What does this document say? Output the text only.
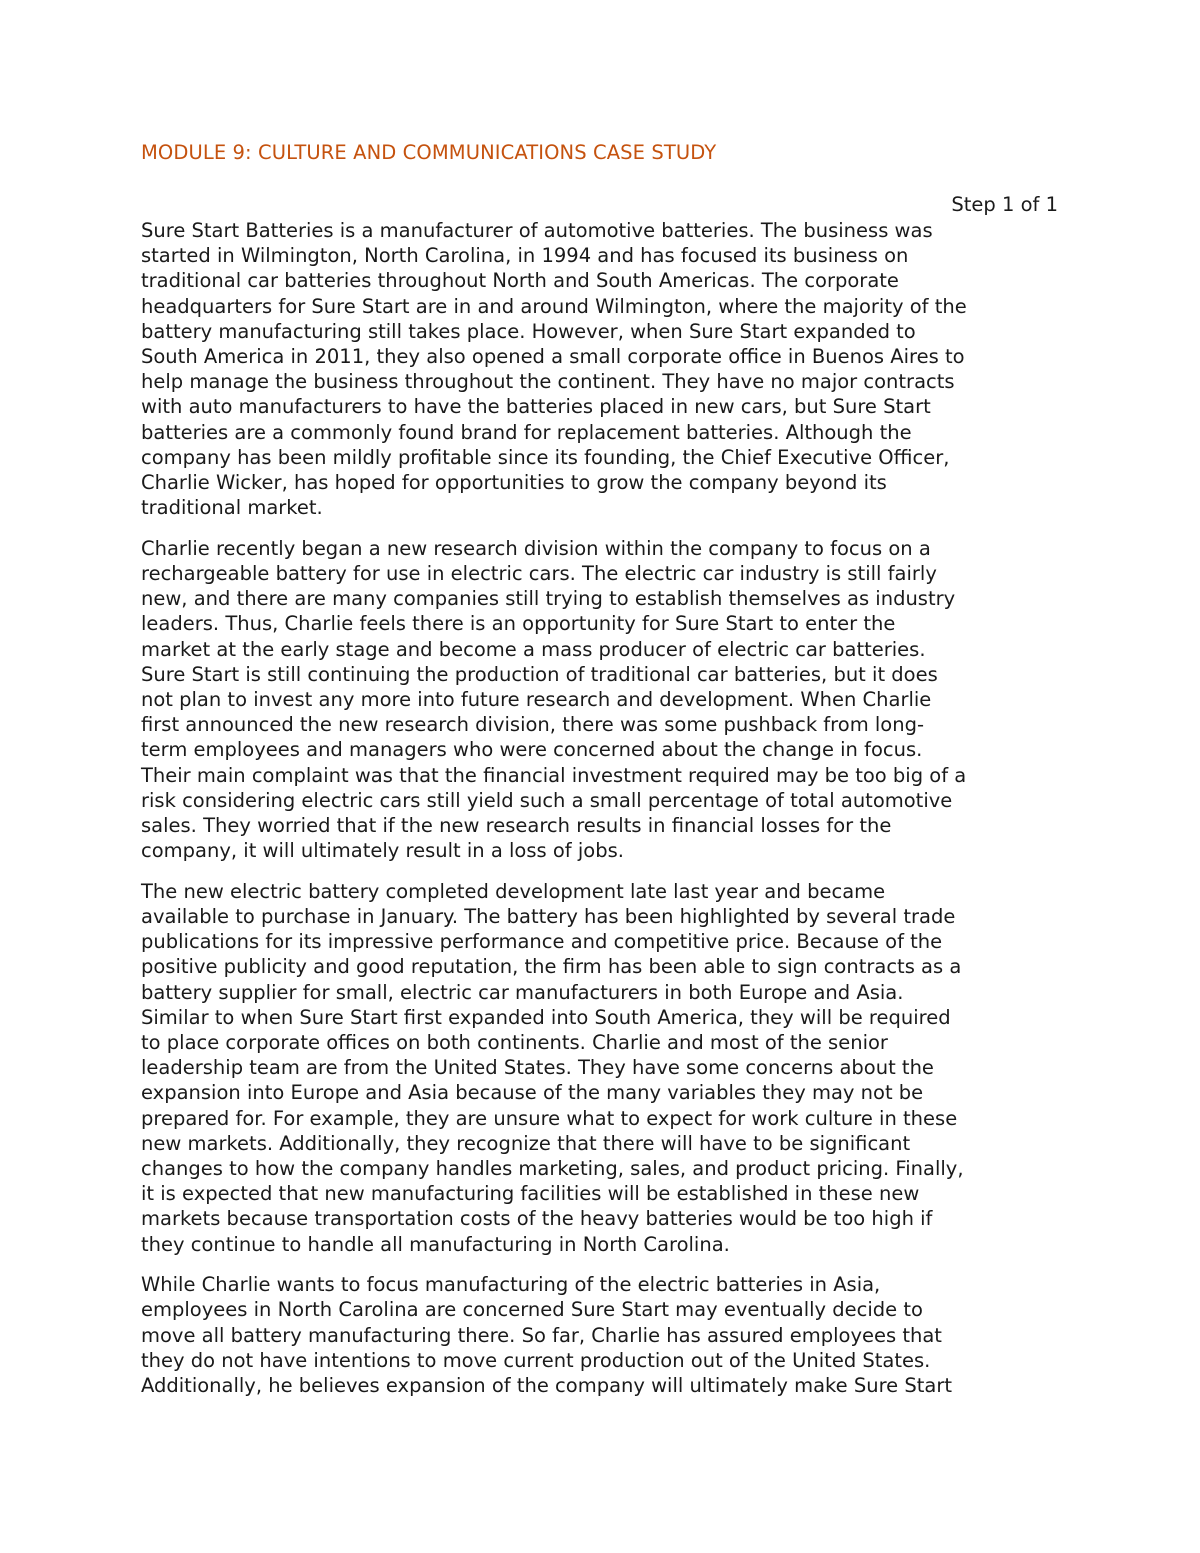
MODULE 9: CULTURE AND COMMUNICATIONS CASE STUDY
Step 1 of 1

Sure Start Batteries is a manufacturer of automotive batteries. The business was
started in Wilmington, North Carolina, in 1994 and has focused its business on
traditional car batteries throughout North and South Americas. The corporate
headquarters for Sure Start are in and around Wilmington, where the majority of the
battery manufacturing still takes place. However, when Sure Start expanded to
South America in 2011, they also opened a small corporate office in Buenos Aires to
help manage the business throughout the continent. They have no major contracts
with auto manufacturers to have the batteries placed in new cars, but Sure Start
batteries are a commonly found brand for replacement batteries. Although the
company has been mildly profitable since its founding, the Chief Executive Officer,
Charlie Wicker, has hoped for opportunities to grow the company beyond its
traditional market.

Charlie recently began a new research division within the company to focus on a
rechargeable battery for use in electric cars. The electric car industry is still fairly
new, and there are many companies still trying to establish themselves as industry
leaders. Thus, Charlie feels there is an opportunity for Sure Start to enter the
market at the early stage and become a mass producer of electric car batteries.
Sure Start is still continuing the production of traditional car batteries, but it does
not plan to invest any more into future research and development. When Charlie
first announced the new research division, there was some pushback from long-
term employees and managers who were concerned about the change in focus.
Their main complaint was that the financial investment required may be too big of a
risk considering electric cars still yield such a small percentage of total automotive
sales. They worried that if the new research results in financial losses for the
company, it will ultimately result in a loss of jobs.

The new electric battery completed development late last year and became
available to purchase in January. The battery has been highlighted by several trade
publications for its impressive performance and competitive price. Because of the
positive publicity and good reputation, the firm has been able to sign contracts as a
battery supplier for small, electric car manufacturers in both Europe and Asia.
Similar to when Sure Start first expanded into South America, they will be required
to place corporate offices on both continents. Charlie and most of the senior
leadership team are from the United States. They have some concerns about the
expansion into Europe and Asia because of the many variables they may not be
prepared for. For example, they are unsure what to expect for work culture in these
new markets. Additionally, they recognize that there will have to be significant
changes to how the company handles marketing, sales, and product pricing. Finally,
it is expected that new manufacturing facilities will be established in these new
markets because transportation costs of the heavy batteries would be too high if
they continue to handle all manufacturing in North Carolina.

While Charlie wants to focus manufacturing of the electric batteries in Asia,
employees in North Carolina are concerned Sure Start may eventually decide to
move all battery manufacturing there. So far, Charlie has assured employees that
they do not have intentions to move current production out of the United States.
Additionally, he believes expansion of the company will ultimately make Sure Start
